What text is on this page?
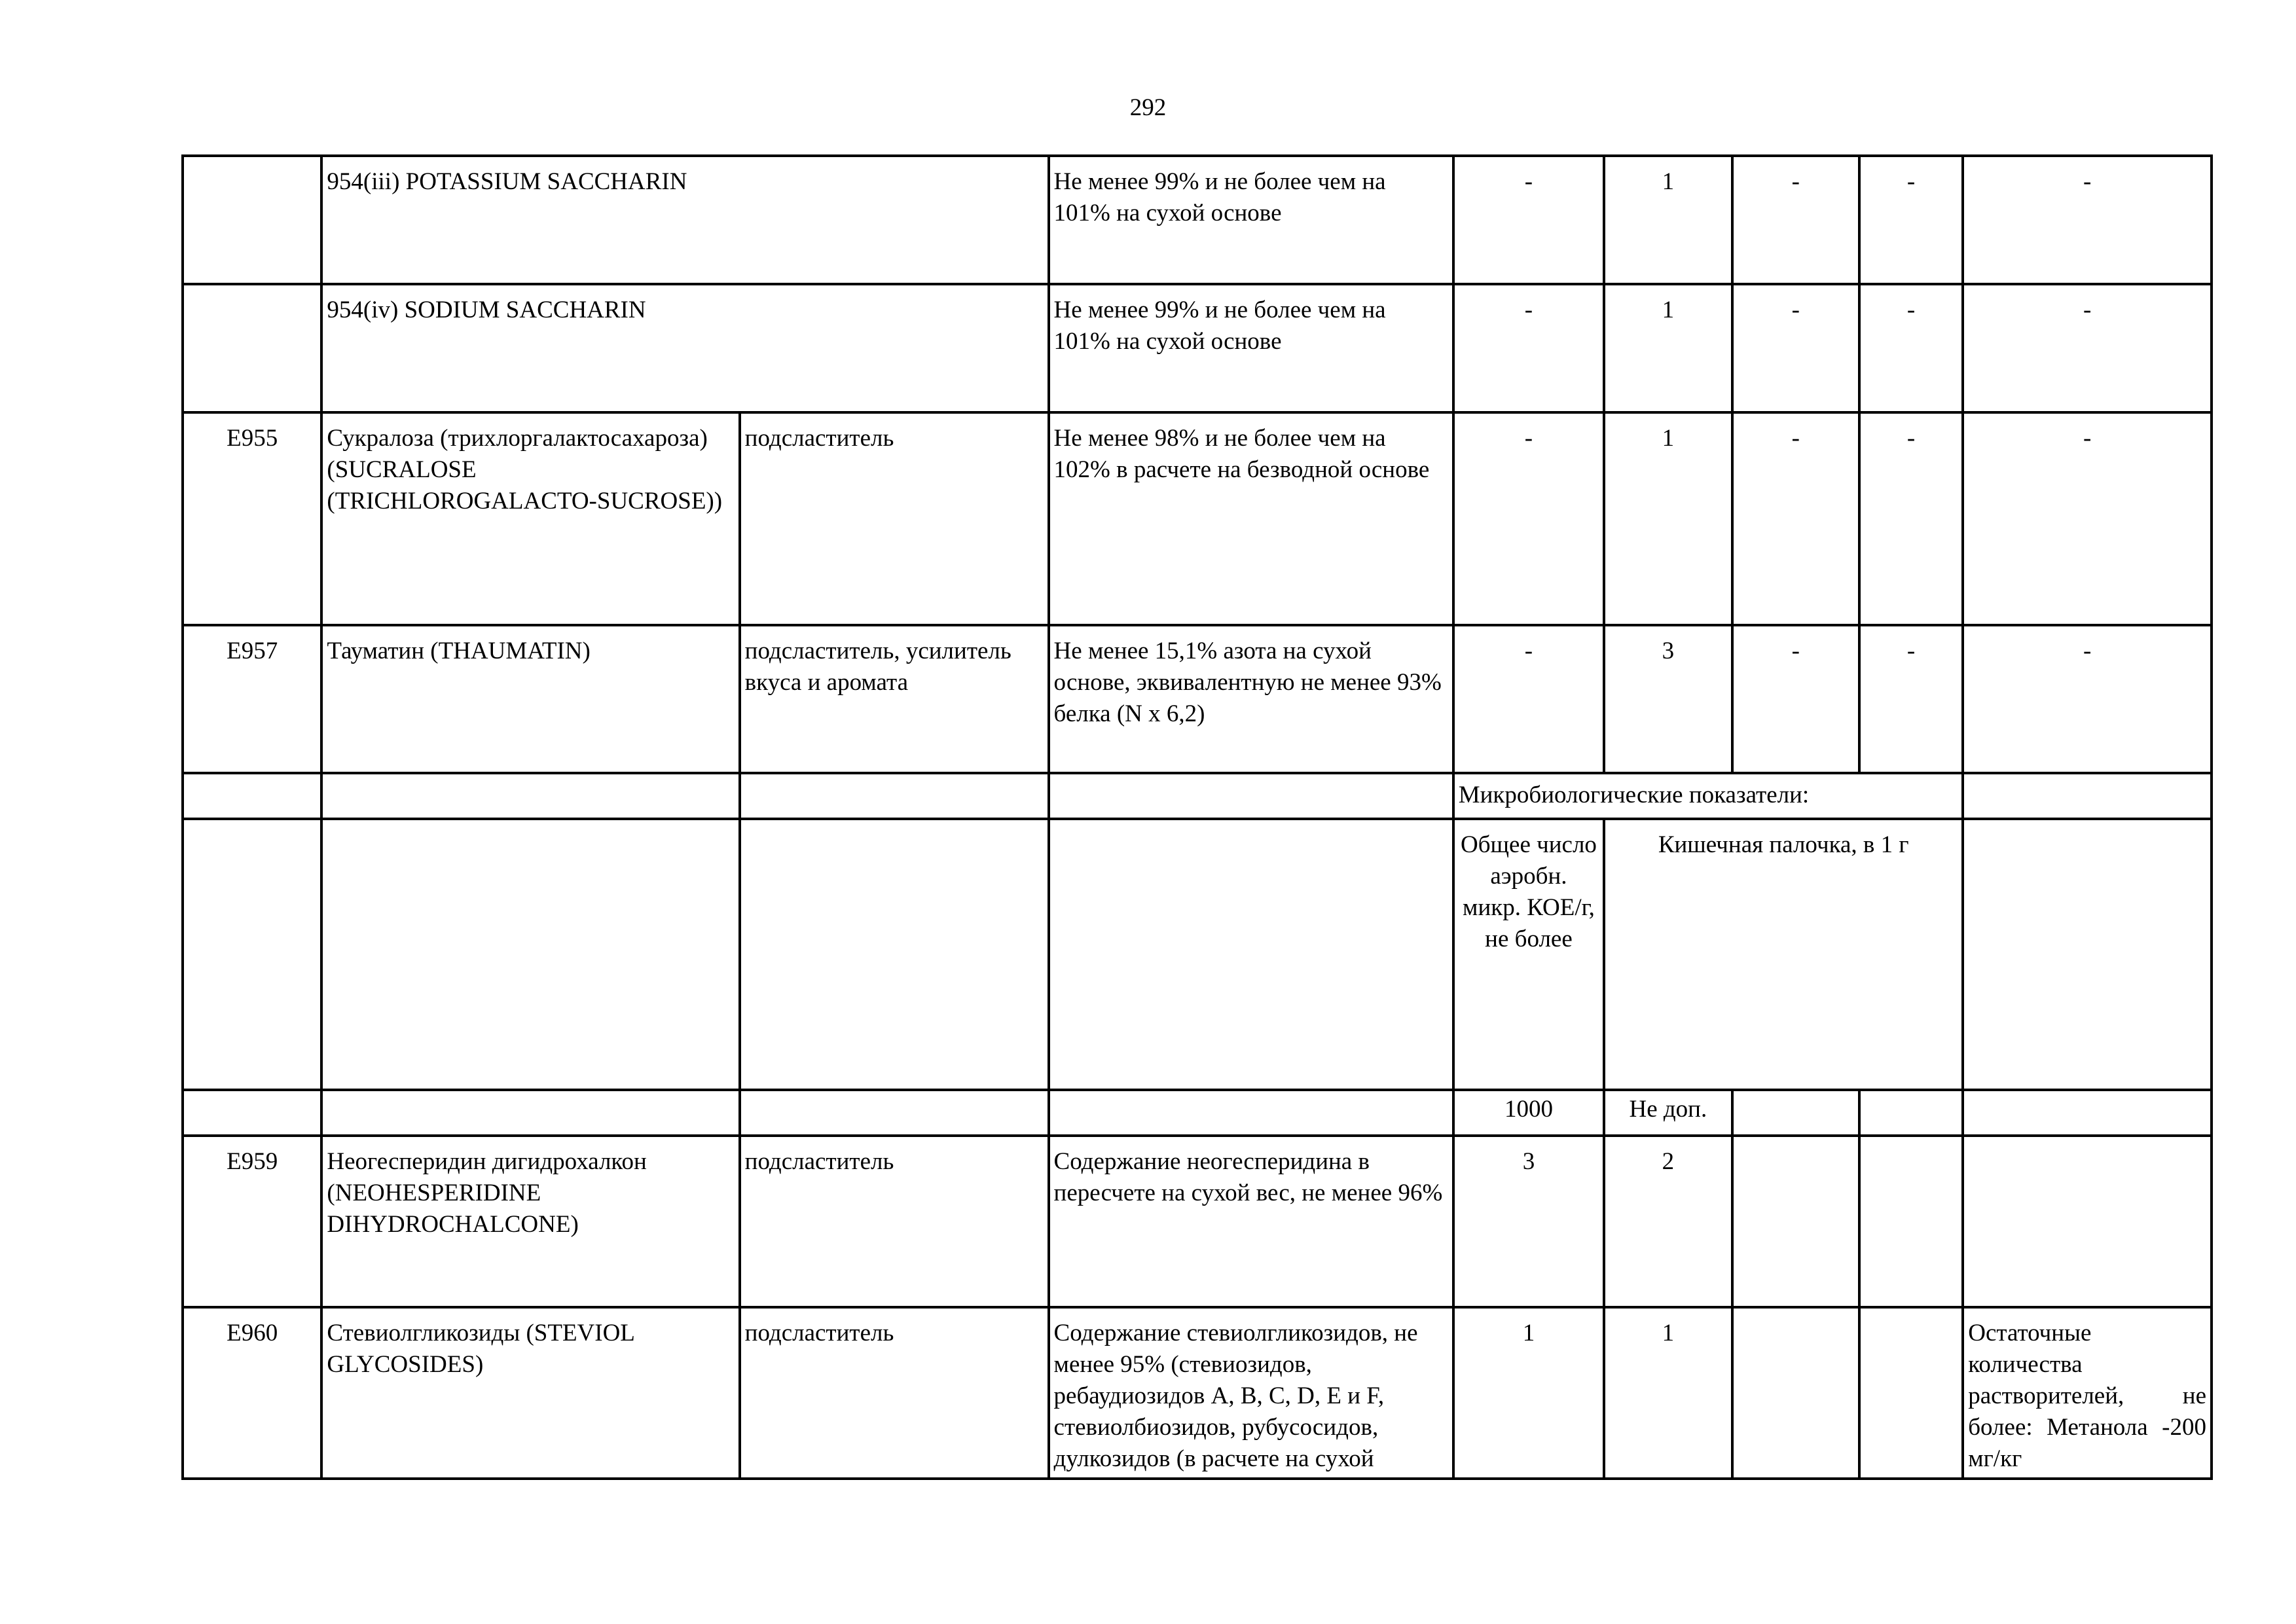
292
	954(iii) POTASSIUM SACCHARIN		Не менее 99% и не более чем на 101% на сухой основе	-	1	-	-	-
	954(iv) SODIUM SACCHARIN		Не менее 99% и не более чем на 101% на сухой основе	-	1	-	-	-
E955	Сукралоза (трихлоргалактосахароза) (SUCRALOSE (TRICHLOROGALACTO-SUCROSE))	подсластитель	Не менее 98% и не более чем на 102% в расчете на безводной основе	-	1	-	-	-
E957	Тауматин (THAUMATIN)	подсластитель, усилитель вкуса и аромата	Не менее 15,1% азота на сухой основе, эквивалентную не менее 93% белка (N x 6,2)	-	3	-	-	-
				Микробиологические показатели:				
				Общее число аэробн. микр. КОЕ/г, не более	Кишечная палочка, в 1 г			
				1000	Не доп.			
E959	Неогесперидин дигидрохалкон (NEOHESPERIDINE DIHYDROCHALCONE)	подсластитель	Содержание неогесперидина в пересчете на сухой вес, не менее 96%	3	2			
E960	Стевиолгликозиды (STEVIOL GLYCOSIDES)	подсластитель	Содержание стевиолгликозидов, не менее 95% (стевиозидов, ребаудиозидов A, B, C, D, E и F, стевиолбиозидов, рубусосидов, дулкозидов (в расчете на сухой	1	1			Остаточные количества растворителей, не более: Метанола -200 мг/кг
